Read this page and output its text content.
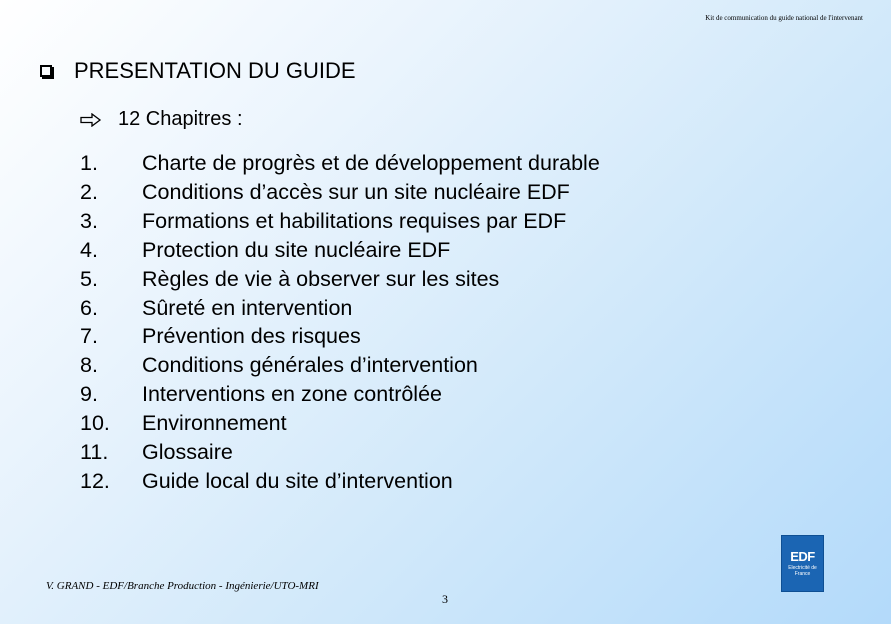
Kit de communication du guide national de l'intervenant
PRESENTATION DU GUIDE
12 Chapitres :
1.	Charte de progrès et de développement durable
2.	Conditions d’accès sur un site nucléaire EDF
3.	Formations et habilitations requises par EDF
4.	Protection du site nucléaire EDF
5.	Règles de vie à observer sur les sites
6.	Sûreté en intervention
7.	Prévention des risques
8.	Conditions générales d’intervention
9.	Interventions en zone contrôlée
10.	Environnement
11.	Glossaire
12.	Guide local du site d’intervention
V. GRAND - EDF/Branche Production - Ingénierie/UTO-MRI
3
EDF
Electricité de France
